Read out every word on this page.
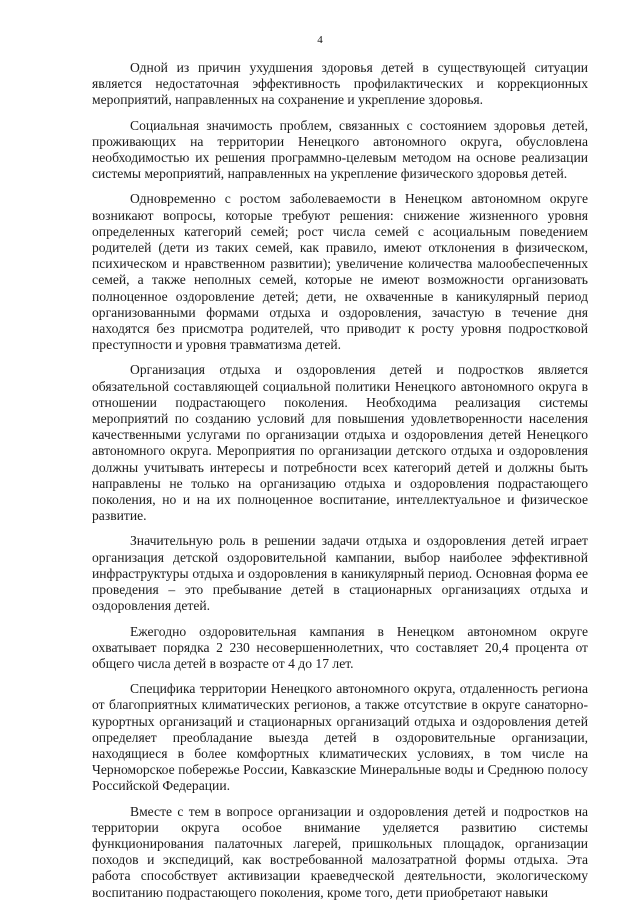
4

Одной из причин ухудшения здоровья детей в существующей ситуации является недостаточная эффективность профилактических и коррекционных мероприятий, направленных на сохранение и укрепление здоровья.

Социальная значимость проблем, связанных с состоянием здоровья детей, проживающих на территории Ненецкого автономного округа, обусловлена необходимостью их решения программно-целевым методом на основе реализации системы мероприятий, направленных на укрепление физического здоровья детей.

Одновременно с ростом заболеваемости в Ненецком автономном округе возникают вопросы, которые требуют решения: снижение жизненного уровня определенных категорий семей; рост числа семей с асоциальным поведением родителей (дети из таких семей, как правило, имеют отклонения в физическом, психическом и нравственном развитии); увеличение количества малообеспеченных семей, а также неполных семей, которые не имеют возможности организовать полноценное оздоровление детей; дети, не охваченные в каникулярный период организованными формами отдыха и оздоровления, зачастую в течение дня находятся без присмотра родителей, что приводит к росту уровня подростковой преступности и уровня травматизма детей.

Организация отдыха и оздоровления детей и подростков является обязательной составляющей социальной политики Ненецкого автономного округа в отношении подрастающего поколения. Необходима реализация системы мероприятий по созданию условий для повышения удовлетворенности населения качественными услугами по организации отдыха и оздоровления детей Ненецкого автономного округа. Мероприятия по организации детского отдыха и оздоровления должны учитывать интересы и потребности всех категорий детей и должны быть направлены не только на организацию отдыха и оздоровления подрастающего поколения, но и на их полноценное воспитание, интеллектуальное и физическое развитие.

Значительную роль в решении задачи отдыха и оздоровления детей играет организация детской оздоровительной кампании, выбор наиболее эффективной инфраструктуры отдыха и оздоровления в каникулярный период. Основная форма ее проведения – это пребывание детей в стационарных организациях отдыха и оздоровления детей.

Ежегодно оздоровительная кампания в Ненецком автономном округе охватывает порядка 2 230 несовершеннолетних, что составляет 20,4 процента от общего числа детей в возрасте от 4 до 17 лет.

Специфика территории Ненецкого автономного округа, отдаленность региона от благоприятных климатических регионов, а также отсутствие в округе санаторно-курортных организаций и стационарных организаций отдыха и оздоровления детей определяет преобладание выезда детей в оздоровительные организации, находящиеся в более комфортных климатических условиях, в том числе на Черноморское побережье России, Кавказские Минеральные воды и Среднюю полосу Российской Федерации.

Вместе с тем в вопросе организации и оздоровления детей и подростков на территории округа особое внимание уделяется развитию системы функционирования палаточных лагерей, пришкольных площадок, организации походов и экспедиций, как востребованной малозатратной формы отдыха. Эта работа способствует активизации краеведческой деятельности, экологическому воспитанию подрастающего поколения, кроме того, дети приобретают навыки
